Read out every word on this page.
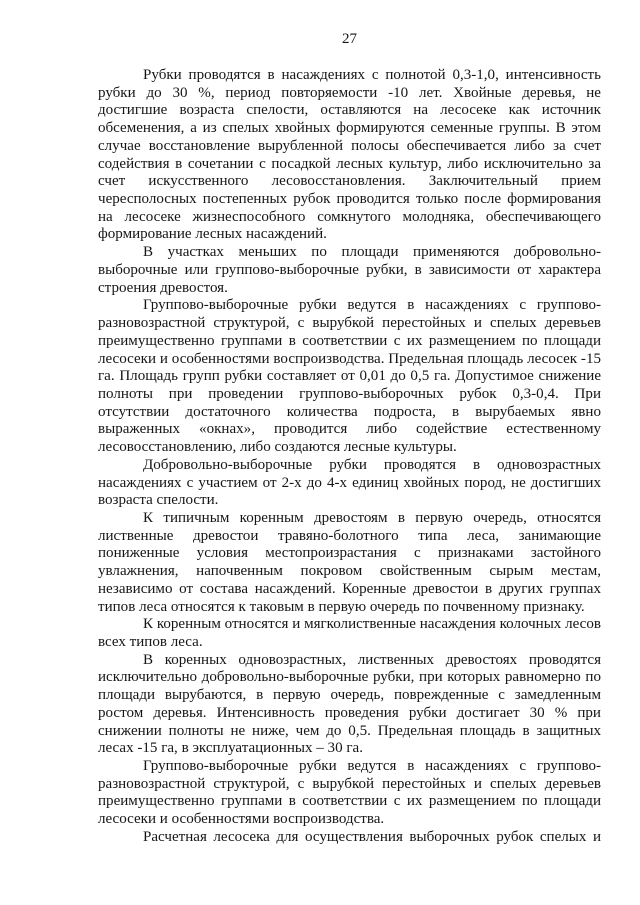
27

Рубки проводятся в насаждениях с полнотой 0,3-1,0, интенсивность рубки до 30 %, период повторяемости -10 лет. Хвойные деревья, не достигшие возраста спелости, оставляются на лесосеке как источник обсеменения, а из спелых хвойных формируются семенные группы. В этом случае восстановление вырубленной полосы обеспечивается либо за счет содействия в сочетании с посадкой лесных культур, либо исключительно за счет искусственного лесовосстановления. Заключительный прием чересполосных постепенных рубок проводится только после формирования на лесосеке жизнеспособного сомкнутого молодняка, обеспечивающего формирование лесных насаждений.

В участках меньших по площади применяются добровольно-выборочные или группово-выборочные рубки, в зависимости от характера строения древостоя.

Группово-выборочные рубки ведутся в насаждениях с группово-разновозрастной структурой, с вырубкой перестойных и спелых деревьев преимущественно группами в соответствии с их размещением по площади лесосеки и особенностями воспроизводства. Предельная площадь лесосек -15 га. Площадь групп рубки составляет от 0,01 до 0,5 га. Допустимое снижение полноты при проведении группово-выборочных рубок 0,3-0,4. При отсутствии достаточного количества подроста, в вырубаемых явно выраженных «окнах», проводится либо содействие естественному лесовосстановлению, либо создаются лесные культуры.

Добровольно-выборочные рубки проводятся в одновозрастных насаждениях с участием от 2-х до 4-х единиц хвойных пород, не достигших возраста спелости.

К типичным коренным древостоям в первую очередь, относятся лиственные древостои травяно-болотного типа леса, занимающие пониженные условия местопроизрастания с признаками застойного увлажнения, напочвенным покровом свойственным сырым местам, независимо от состава насаждений. Коренные древостои в других группах типов леса относятся к таковым в первую очередь по почвенному признаку.

К коренным относятся и мягколиственные насаждения колочных лесов всех типов леса.

В коренных одновозрастных, лиственных древостоях проводятся исключительно добровольно-выборочные рубки, при которых равномерно по площади вырубаются, в первую очередь, поврежденные с замедленным ростом деревья. Интенсивность проведения рубки достигает 30 % при снижении полноты не ниже, чем до 0,5. Предельная площадь в защитных лесах -15 га, в эксплуатационных – 30 га.

Группово-выборочные рубки ведутся в насаждениях с группово-разновозрастной структурой, с вырубкой перестойных и спелых деревьев преимущественно группами в соответствии с их размещением по площади лесосеки и особенностями воспроизводства.

Расчетная лесосека для осуществления выборочных рубок спелых и
